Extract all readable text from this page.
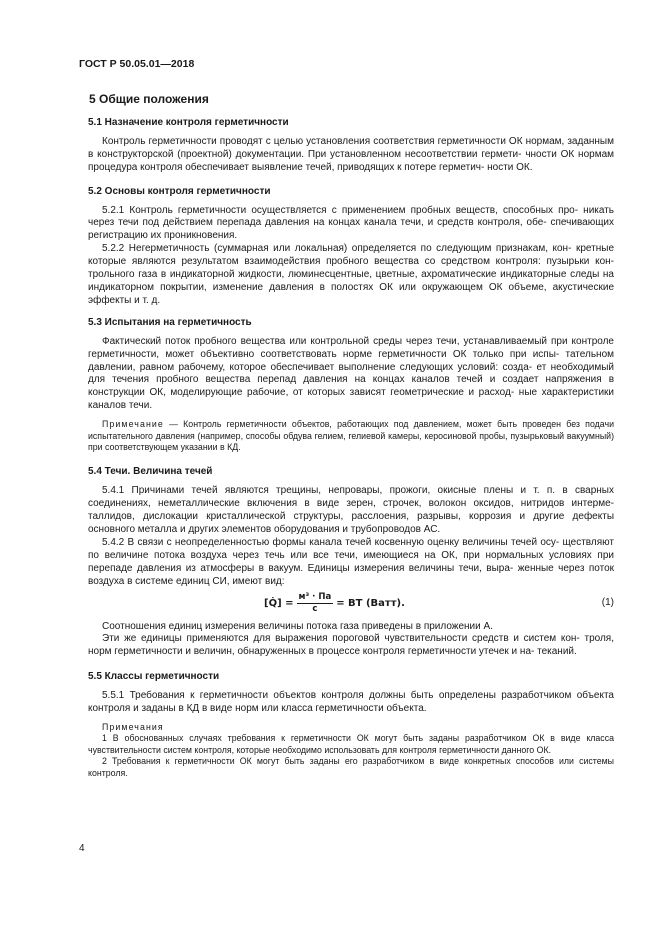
ГОСТ Р 50.05.01—2018
5 Общие положения
5.1 Назначение контроля герметичности

Контроль герметичности проводят с целью установления соответствия герметичности ОК нормам, заданным в конструкторской (проектной) документации. При установленном несоответствии гермети- чности ОК нормам процедура контроля обеспечивает выявление течей, приводящих к потере герметич- ности ОК.

5.2 Основы контроля герметичности

5.2.1 Контроль герметичности осуществляется с применением пробных веществ, способных про- никать через течи под действием перепада давления на концах канала течи, и средств контроля, обе- спечивающих регистрацию их проникновения.

5.2.2 Негерметичность (суммарная или локальная) определяется по следующим признакам, кон- кретные которые являются результатом взаимодействия пробного вещества со средством контроля: пузырьки кон- трольного газа в индикаторной жидкости, люминесцентные, цветные, ахроматические индикаторные следы на индикаторном покрытии, изменение давления в полостях ОК или окружающем ОК объеме, акустические эффекты и т. д.

5.3 Испытания на герметичность

Фактический поток пробного вещества или контрольной среды через течи, устанавливаемый при контроле герметичности, может объективно соответствовать норме герметичности ОК только при испы- тательном давлении, равном рабочему, которое обеспечивает выполнение следующих условий: созда- ет необходимый для течения пробного вещества перепад давления на концах каналов течей и создает напряжения в конструкции ОК, моделирующие рабочие, от которых зависят геометрические и расход- ные характеристики каналов течи.

Примечание — Контроль герметичности объектов, работающих под давлением, может быть проведен без подачи испытательного давления (например, способы обдува гелием, гелиевой камеры, керосиновой пробы, пузырьковый вакуумный) при соответствующем указании в КД.

5.4 Течи. Величина течей

5.4.1 Причинами течей являются трещины, непровары, прожоги, окисные плены и т. п. в сварных соединениях, неметаллические включения в виде зерен, строчек, волокон оксидов, нитридов интерме- таллидов, дислокации кристаллической структуры, расслоения, разрывы, коррозия и другие дефекты основного металла и других элементов оборудования и трубопроводов АС.

5.4.2 В связи с неопределенностью формы канала течей косвенную оценку величины течей осу- ществляют по величине потока воздуха через течь или все течи, имеющиеся на ОК, при нормальных условиях при перепаде давления из атмосферы в вакуум. Единицы измерения величины течи, выра- женные через поток воздуха в системе единиц СИ, имеют вид:

[Q̇] = $\frac{\text{м³ · Па}}{с}$ = ВТ (Ватт).	(1)

Соотношения единиц измерения величины потока газа приведены в приложении А.

Эти же единицы применяются для выражения пороговой чувствительности средств и систем кон- троля, норм герметичности и величин, обнаруженных в процессе контроля герметичности утечек и на- теканий.

5.5 Классы герметичности

5.5.1 Требования к герметичности объектов контроля должны быть определены разработчиком объекта контроля и заданы в КД в виде норм или класса герметичности объекта.

Примечания

1 В обоснованных случаях требования к герметичности ОК могут быть заданы разработчиком ОК в виде класса чувствительности систем контроля, которые необходимо использовать для контроля герметичности данного ОК.

2 Требования к герметичности ОК могут быть заданы его разработчиком в виде конкретных способов или системы контроля.

4
